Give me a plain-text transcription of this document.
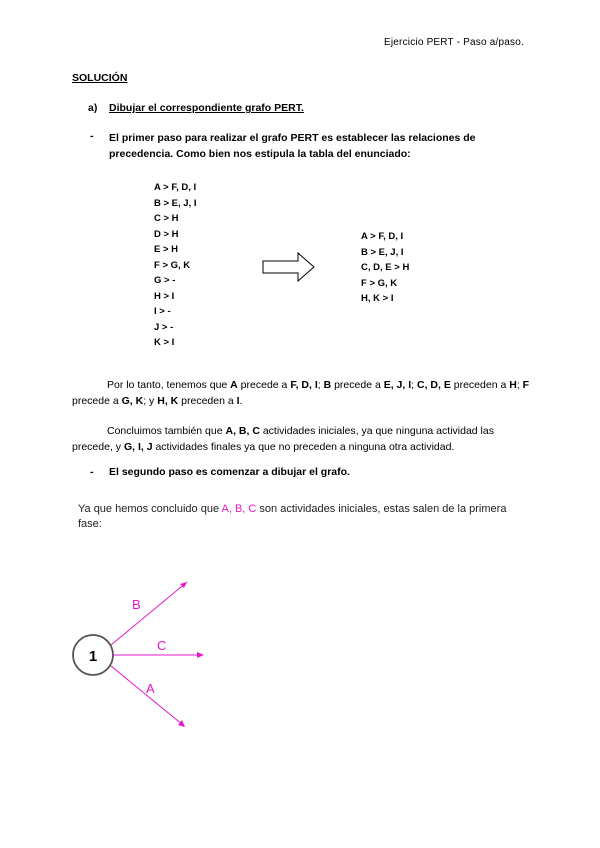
Ejercicio PERT - Paso a/paso.
SOLUCIÓN
a) Dibujar el correspondiente grafo PERT.
- El primer paso para realizar el grafo PERT es establecer las relaciones de precedencia. Como bien nos estipula la tabla del enunciado:
A > F, D, I
B > E, J, I
C > H
D > H
E > H
F > G, K
G > -
H > I
I > -
J > -
K > I
A > F, D, I
B > E, J, I
C, D, E > H
F > G, K
H, K > I
Por lo tanto, tenemos que A precede a F, D, I; B precede a E, J, I; C, D, E preceden a H; F precede a G, K; y H, K preceden a I.
Concluimos también que A, B, C actividades iniciales, ya que ninguna actividad las precede, y G, I, J actividades finales ya que no preceden a ninguna otra actividad.
- El segundo paso es comenzar a dibujar el grafo.
Ya que hemos concluido que A, B, C son actividades iniciales, estas salen de la primera fase:
1
B
C
A
